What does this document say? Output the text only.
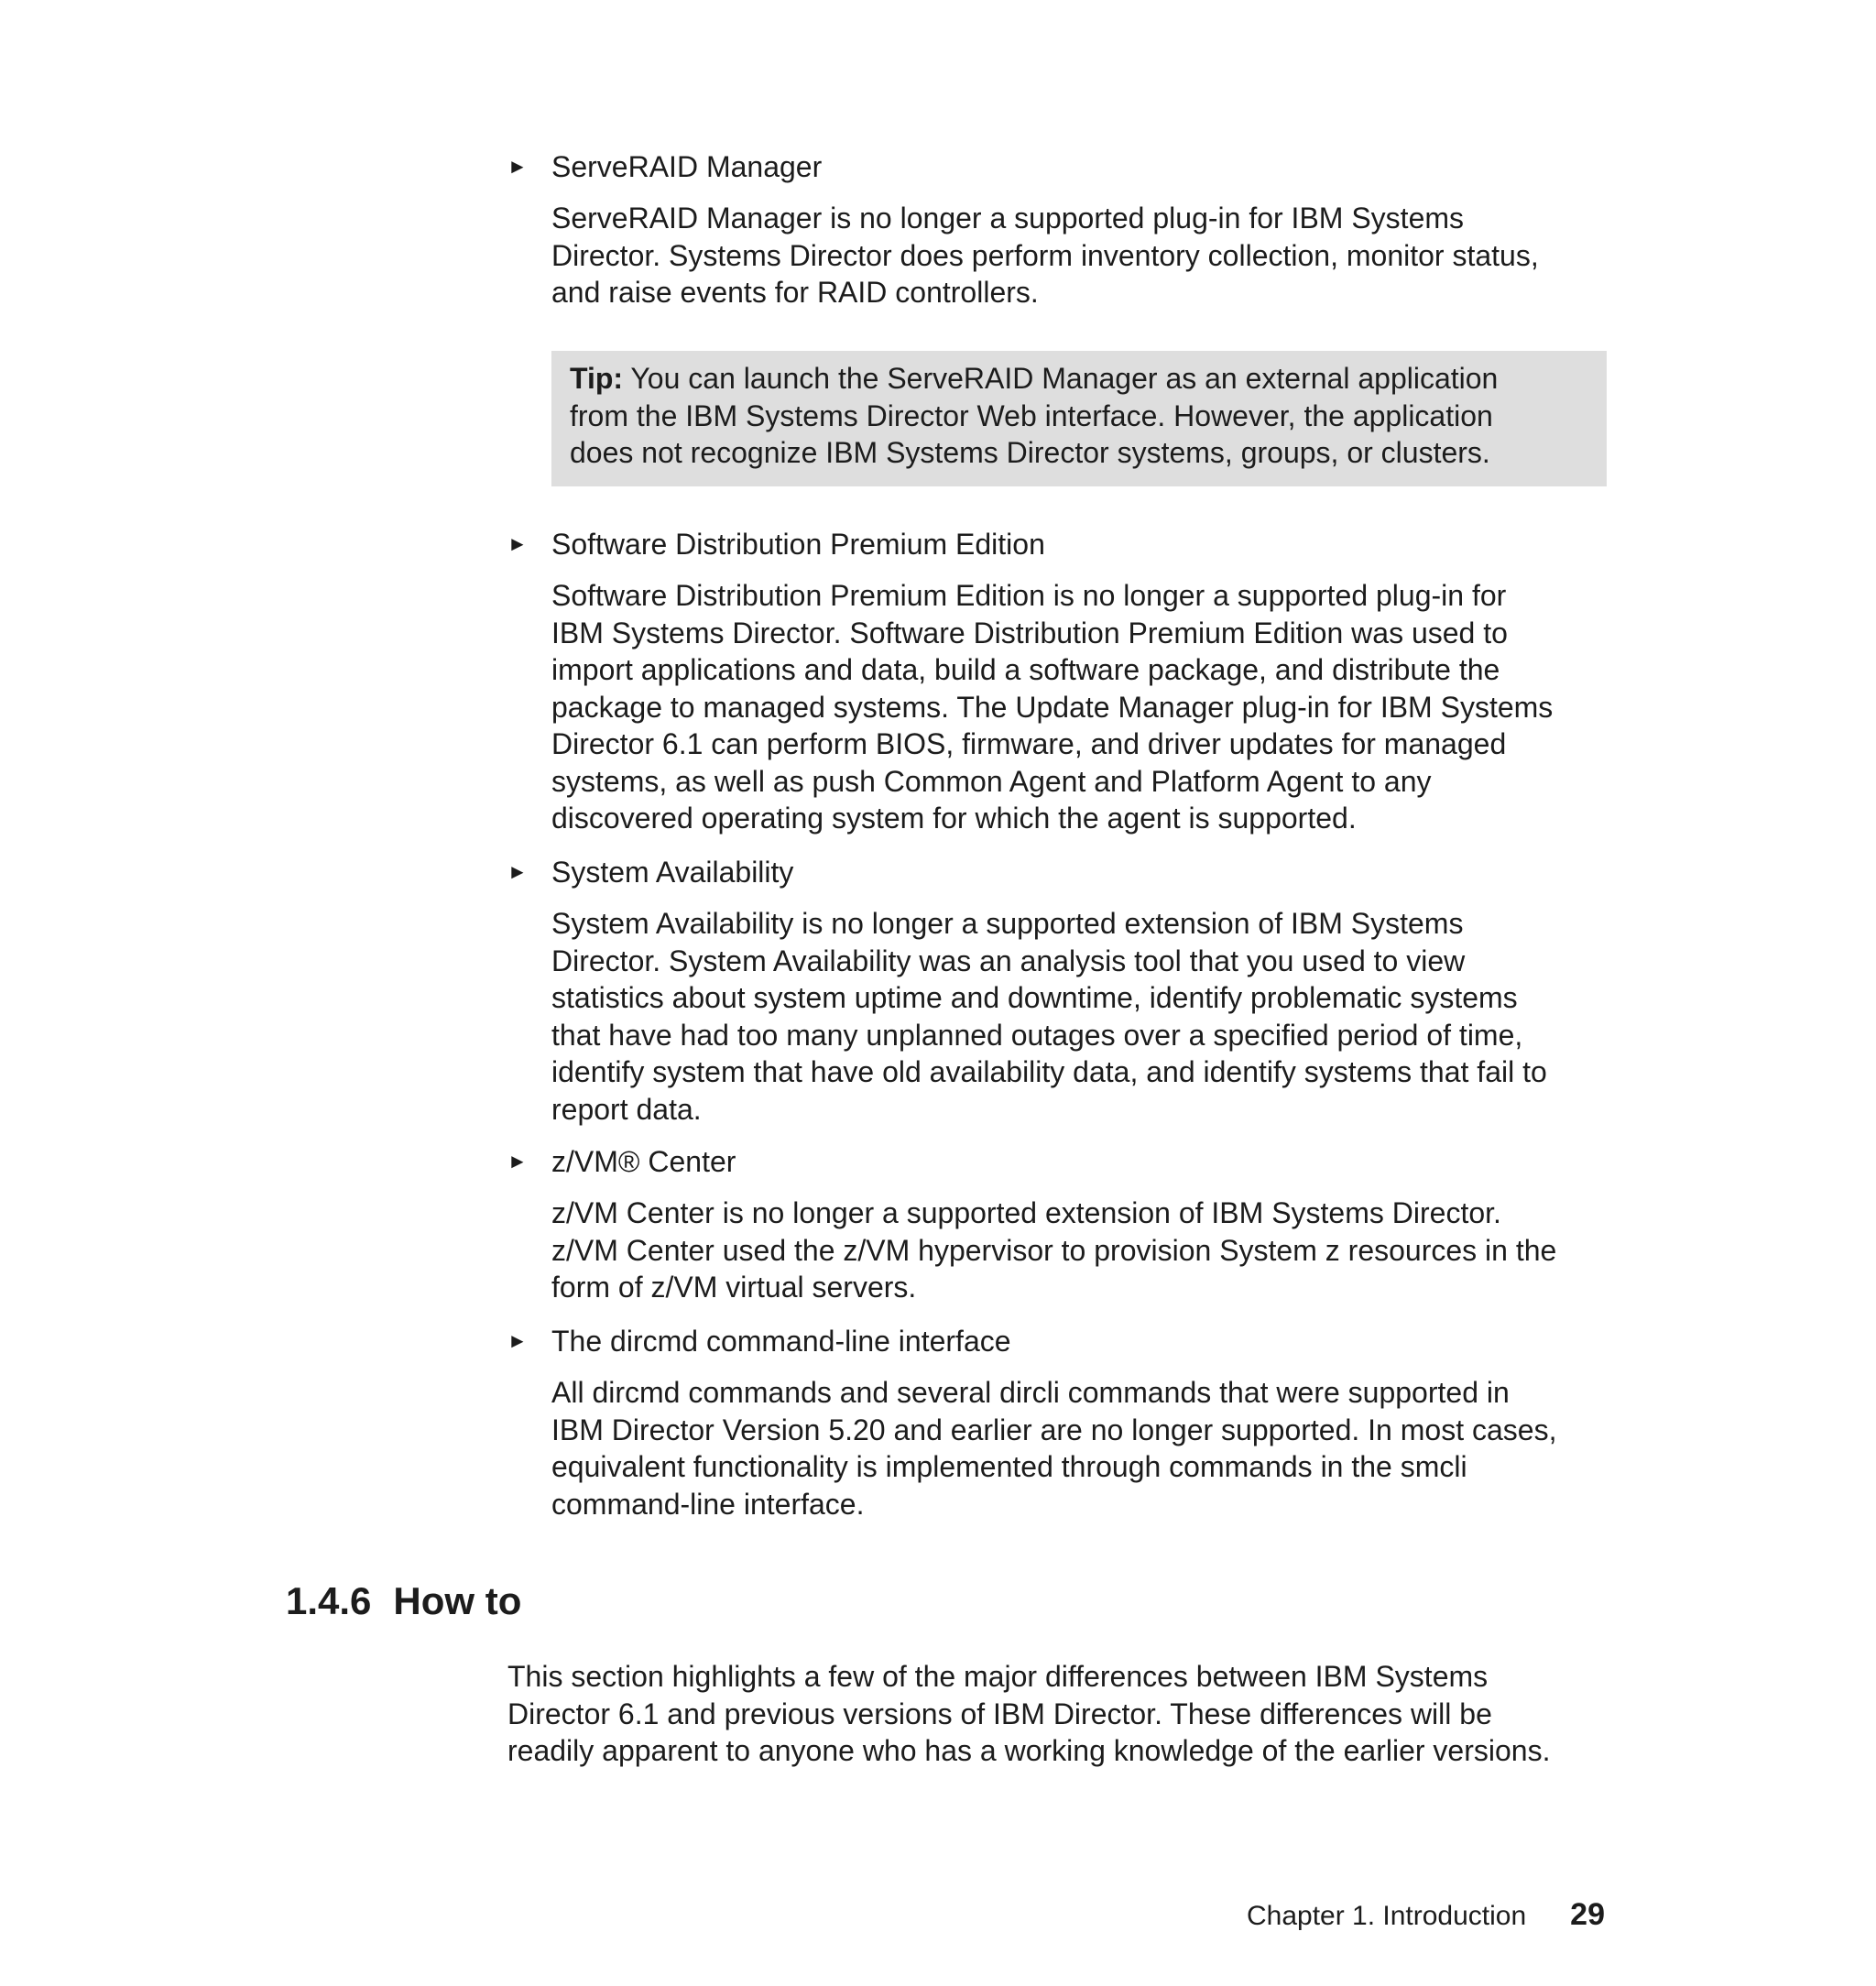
► ServeRAID Manager

ServeRAID Manager is no longer a supported plug-in for IBM Systems
Director. Systems Director does perform inventory collection, monitor status,
and raise events for RAID controllers.

Tip: You can launch the ServeRAID Manager as an external application
from the IBM Systems Director Web interface. However, the application
does not recognize IBM Systems Director systems, groups, or clusters.
► Software Distribution Premium Edition

Software Distribution Premium Edition is no longer a supported plug-in for
IBM Systems Director. Software Distribution Premium Edition was used to
import applications and data, build a software package, and distribute the
package to managed systems. The Update Manager plug-in for IBM Systems
Director 6.1 can perform BIOS, firmware, and driver updates for managed
systems, as well as push Common Agent and Platform Agent to any
discovered operating system for which the agent is supported.

► System Availability

System Availability is no longer a supported extension of IBM Systems
Director. System Availability was an analysis tool that you used to view
statistics about system uptime and downtime, identify problematic systems
that have had too many unplanned outages over a specified period of time,
identify system that have old availability data, and identify systems that fail to
report data.

► z/VM® Center

z/VM Center is no longer a supported extension of IBM Systems Director.
z/VM Center used the z/VM hypervisor to provision System z resources in the
form of z/VM virtual servers.

► The dircmd command-line interface

All dircmd commands and several dircli commands that were supported in
IBM Director Version 5.20 and earlier are no longer supported. In most cases,
equivalent functionality is implemented through commands in the smcli
command-line interface.

1.4.6 How to
This section highlights a few of the major differences between IBM Systems
Director 6.1 and previous versions of IBM Director. These differences will be
readily apparent to anyone who has a working knowledge of the earlier versions.
Chapter 1. Introduction 29
